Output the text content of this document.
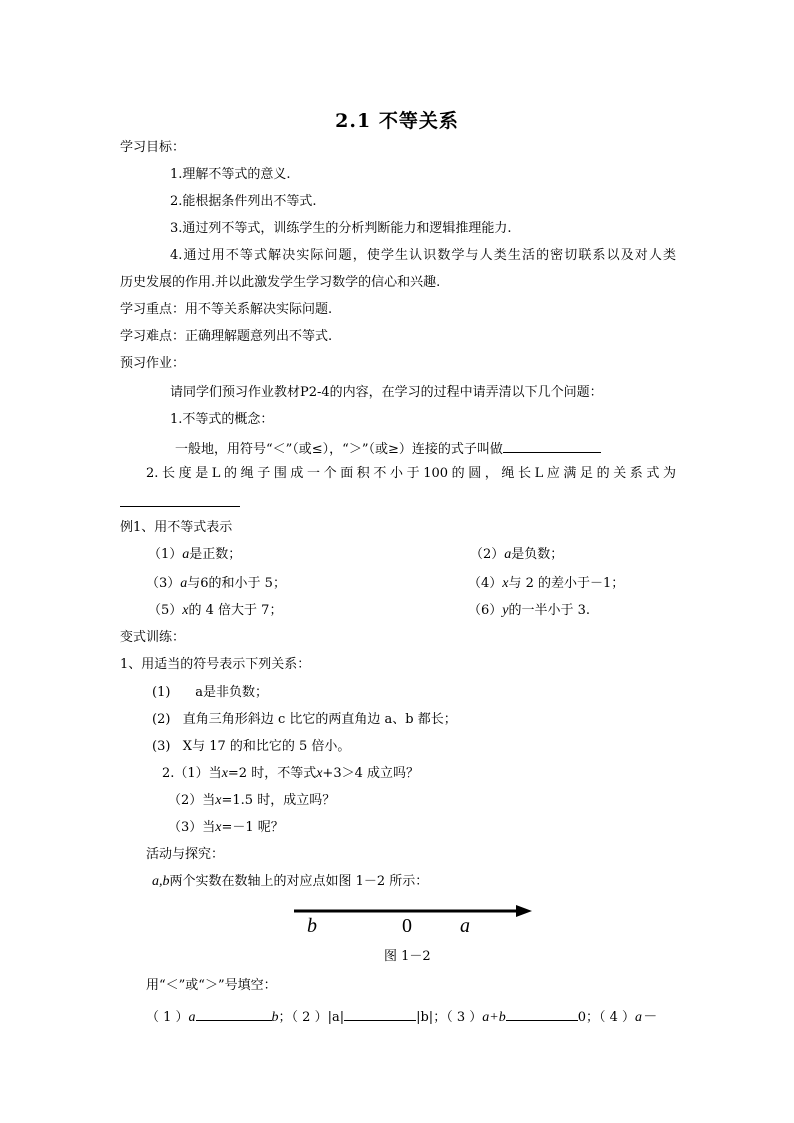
2.1 不等关系
学习目标：
1.理解不等式的意义.
2.能根据条件列出不等式.
3.通过列不等式，训练学生的分析判断能力和逻辑推理能力.
4.通过用不等式解决实际问题，使学生认识数学与人类生活的密切联系以及对人类
历史发展的作用.并以此激发学生学习数学的信心和兴趣.
学习重点：用不等关系解决实际问题.
学习难点：正确理解题意列出不等式.
预习作业：
请同学们预习作业教材P2-4的内容，在学习的过程中请弄清以下几个问题：
1.不等式的概念：
一般地，用符号“＜”（或≤），“＞”（或≥）连接的式子叫做
2.长度是L的绳子围成一个面积不小于100的圆，绳长L应满足的关系式为
例1、用不等式表示
（1）a是正数；	（2）a是负数；
（3）a与6的和小于 5；	（4）x与 2 的差小于－1；
（5）x的 4 倍大于 7；	（6）y的一半小于 3.
变式训练：
1、用适当的符号表示下列关系：
(1)      a是非负数；
(2)   直角三角形斜边 c 比它的两直角边 a、b 都长；
(3)   X与 17 的和比它的 5 倍小。
2.（1）当x=2 时，不等式x+3＞4 成立吗？
（2）当x=1.5 时，成立吗？
（3）当x=－1 呢？
活动与探究：
a,b两个实数在数轴上的对应点如图 1－2 所示：
b	0 a
图 1－2
用“＜”或“＞”号填空：
（ 1 ）a	b；（ 2 ）|a|	|b|；（ 3 ）a+b	0；（ 4 ）a－
